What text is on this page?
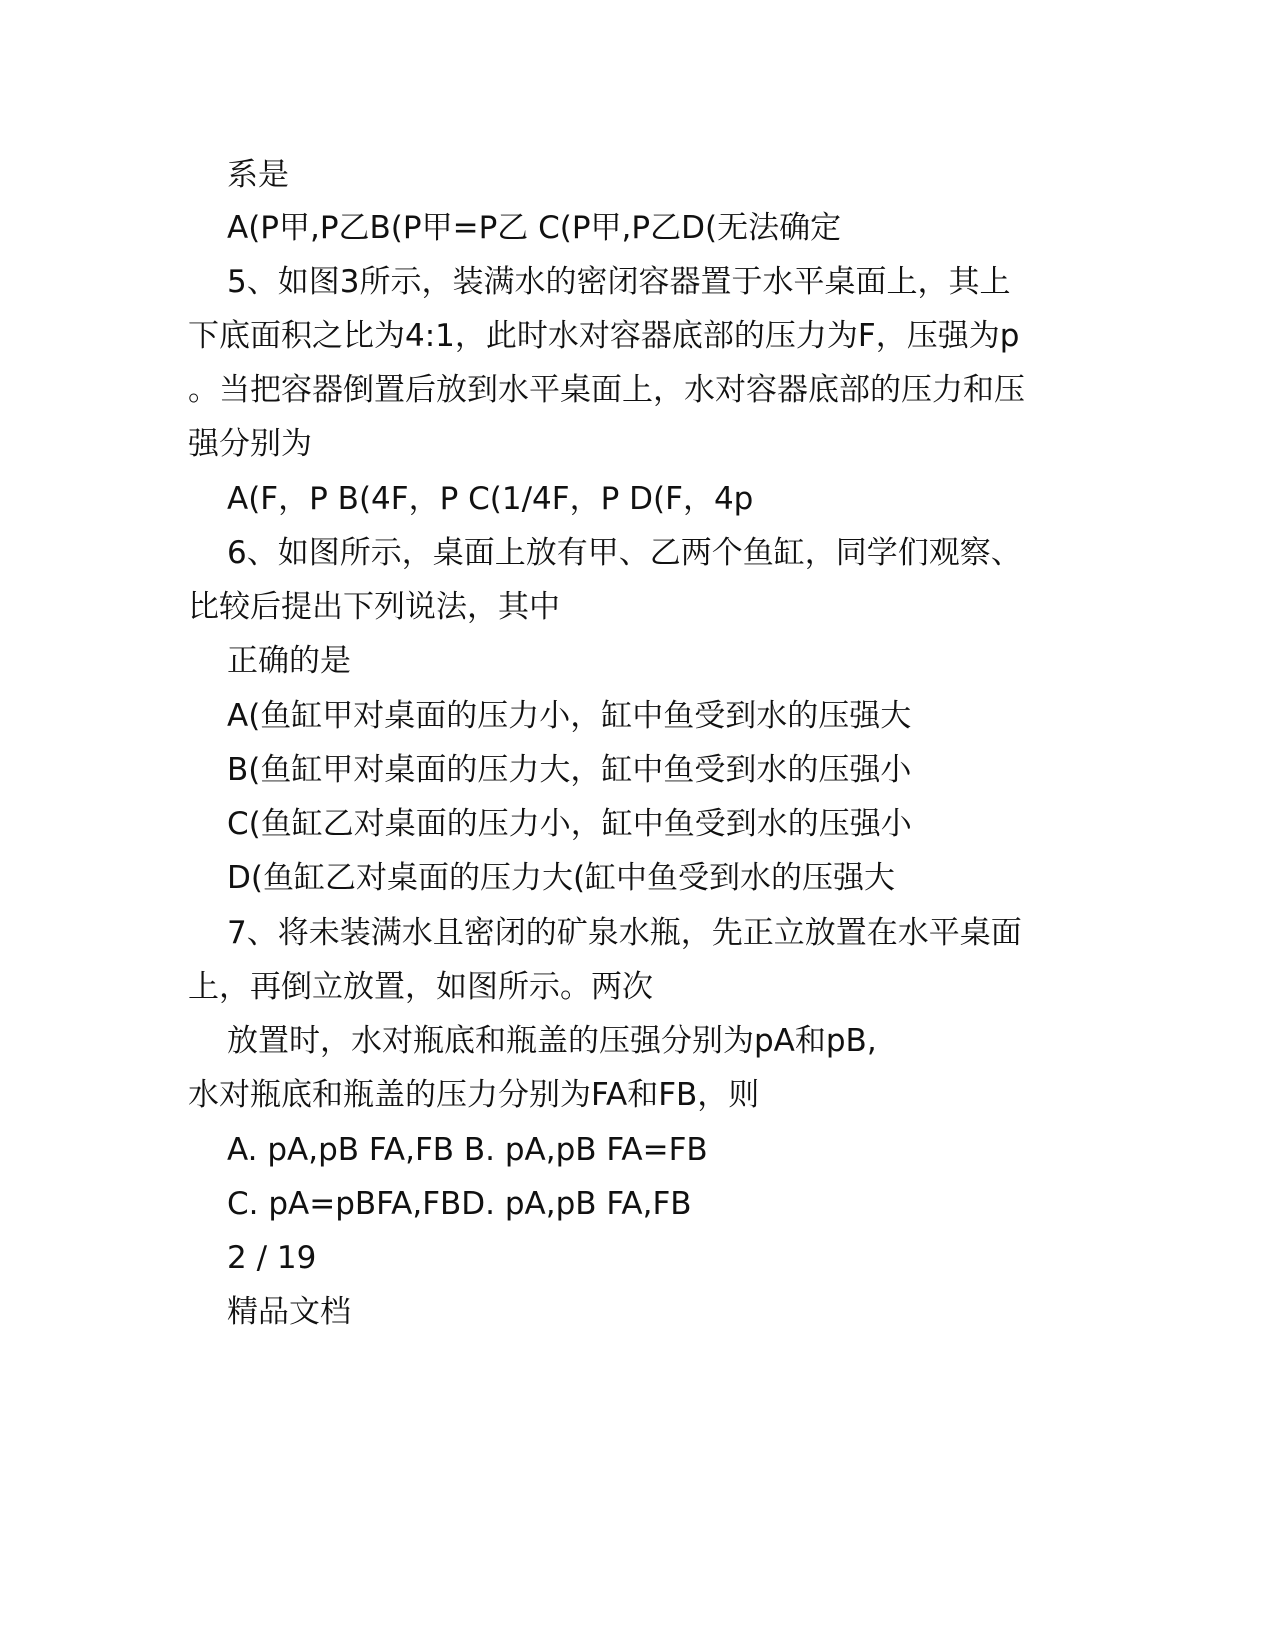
系是
A(P甲,P乙B(P甲=P乙 C(P甲,P乙D(无法确定
5、如图3所示，装满水的密闭容器置于水平桌面上，其上
下底面积之比为4:1，此时水对容器底部的压力为F，压强为p
。当把容器倒置后放到水平桌面上，水对容器底部的压力和压
强分别为
A(F，P B(4F，P C(1/4F，P D(F，4p
6、如图所示，桌面上放有甲、乙两个鱼缸，同学们观察、
比较后提出下列说法，其中
正确的是
A(鱼缸甲对桌面的压力小，缸中鱼受到水的压强大
B(鱼缸甲对桌面的压力大，缸中鱼受到水的压强小
C(鱼缸乙对桌面的压力小，缸中鱼受到水的压强小
D(鱼缸乙对桌面的压力大(缸中鱼受到水的压强大
7、将未装满水且密闭的矿泉水瓶，先正立放置在水平桌面
上，再倒立放置，如图所示。两次
放置时，水对瓶底和瓶盖的压强分别为pA和pB,
水对瓶底和瓶盖的压力分别为FA和FB，则
A. pA,pB FA,FB B. pA,pB FA=FB
C. pA=pBFA,FBD. pA,pB FA,FB
2 / 19
精品文档
